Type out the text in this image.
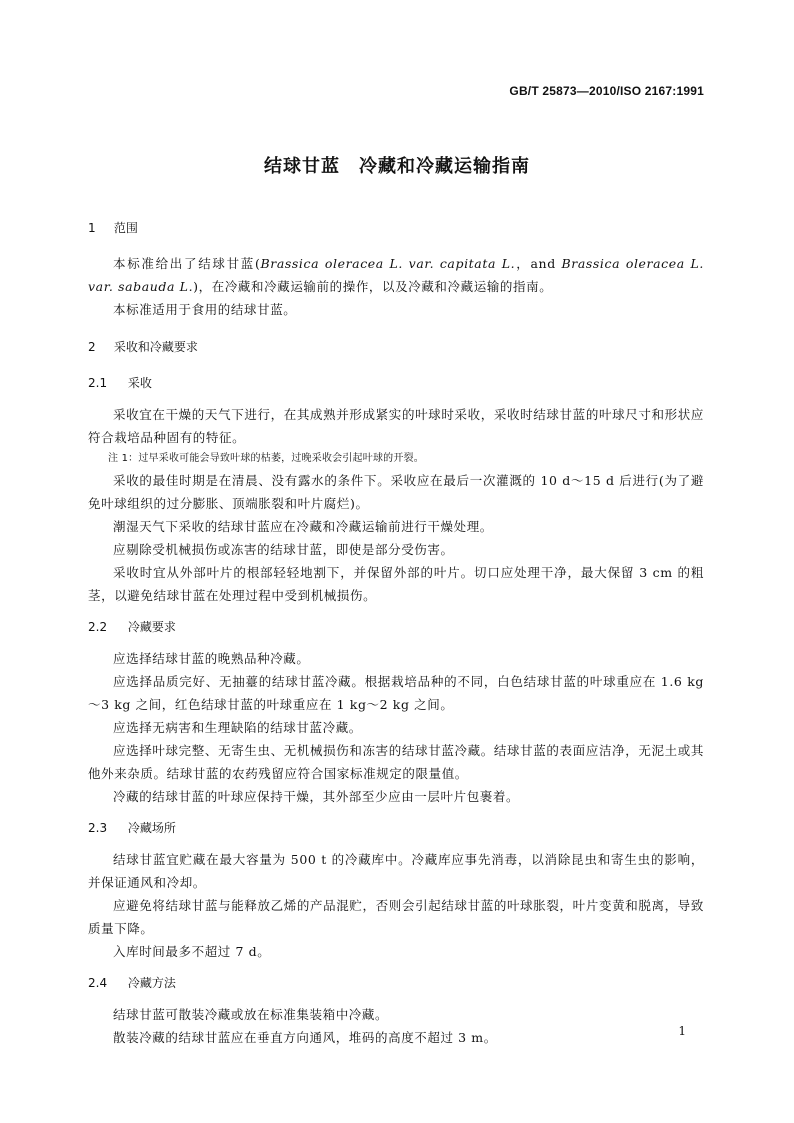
GB/T 25873—2010/ISO 2167:1991
结球甘蓝　冷藏和冷藏运输指南
1 范围

本标准给出了结球甘蓝(Brassica oleracea L. var. capitata L.，and Brassica oleracea L. var. sabauda L.)，在冷藏和冷藏运输前的操作，以及冷藏和冷藏运输的指南。

本标准适用于食用的结球甘蓝。

2 采收和冷藏要求
2.1 采收

采收宜在干燥的天气下进行，在其成熟并形成紧实的叶球时采收，采收时结球甘蓝的叶球尺寸和形状应符合栽培品种固有的特征。

注 1：过早采收可能会导致叶球的枯萎，过晚采收会引起叶球的开裂。

采收的最佳时期是在清晨、没有露水的条件下。采收应在最后一次灌溉的 10 d～15 d 后进行(为了避免叶球组织的过分膨胀、顶端胀裂和叶片腐烂)。

潮湿天气下采收的结球甘蓝应在冷藏和冷藏运输前进行干燥处理。

应剔除受机械损伤或冻害的结球甘蓝，即使是部分受伤害。

采收时宜从外部叶片的根部轻轻地割下，并保留外部的叶片。切口应处理干净，最大保留 3 cm 的粗茎，以避免结球甘蓝在处理过程中受到机械损伤。

2.2 冷藏要求

应选择结球甘蓝的晚熟品种冷藏。

应选择品质完好、无抽薹的结球甘蓝冷藏。根据栽培品种的不同，白色结球甘蓝的叶球重应在 1.6 kg～3 kg 之间，红色结球甘蓝的叶球重应在 1 kg～2 kg 之间。

应选择无病害和生理缺陷的结球甘蓝冷藏。

应选择叶球完整、无寄生虫、无机械损伤和冻害的结球甘蓝冷藏。结球甘蓝的表面应洁净，无泥土或其他外来杂质。结球甘蓝的农药残留应符合国家标准规定的限量值。

冷藏的结球甘蓝的叶球应保持干燥，其外部至少应由一层叶片包裹着。

2.3 冷藏场所

结球甘蓝宜贮藏在最大容量为 500 t 的冷藏库中。冷藏库应事先消毒，以消除昆虫和寄生虫的影响，并保证通风和冷却。

应避免将结球甘蓝与能释放乙烯的产品混贮，否则会引起结球甘蓝的叶球胀裂，叶片变黄和脱离，导致质量下降。

入库时间最多不超过 7 d。

2.4 冷藏方法

结球甘蓝可散装冷藏或放在标准集装箱中冷藏。

散装冷藏的结球甘蓝应在垂直方向通风，堆码的高度不超过 3 m。	1
